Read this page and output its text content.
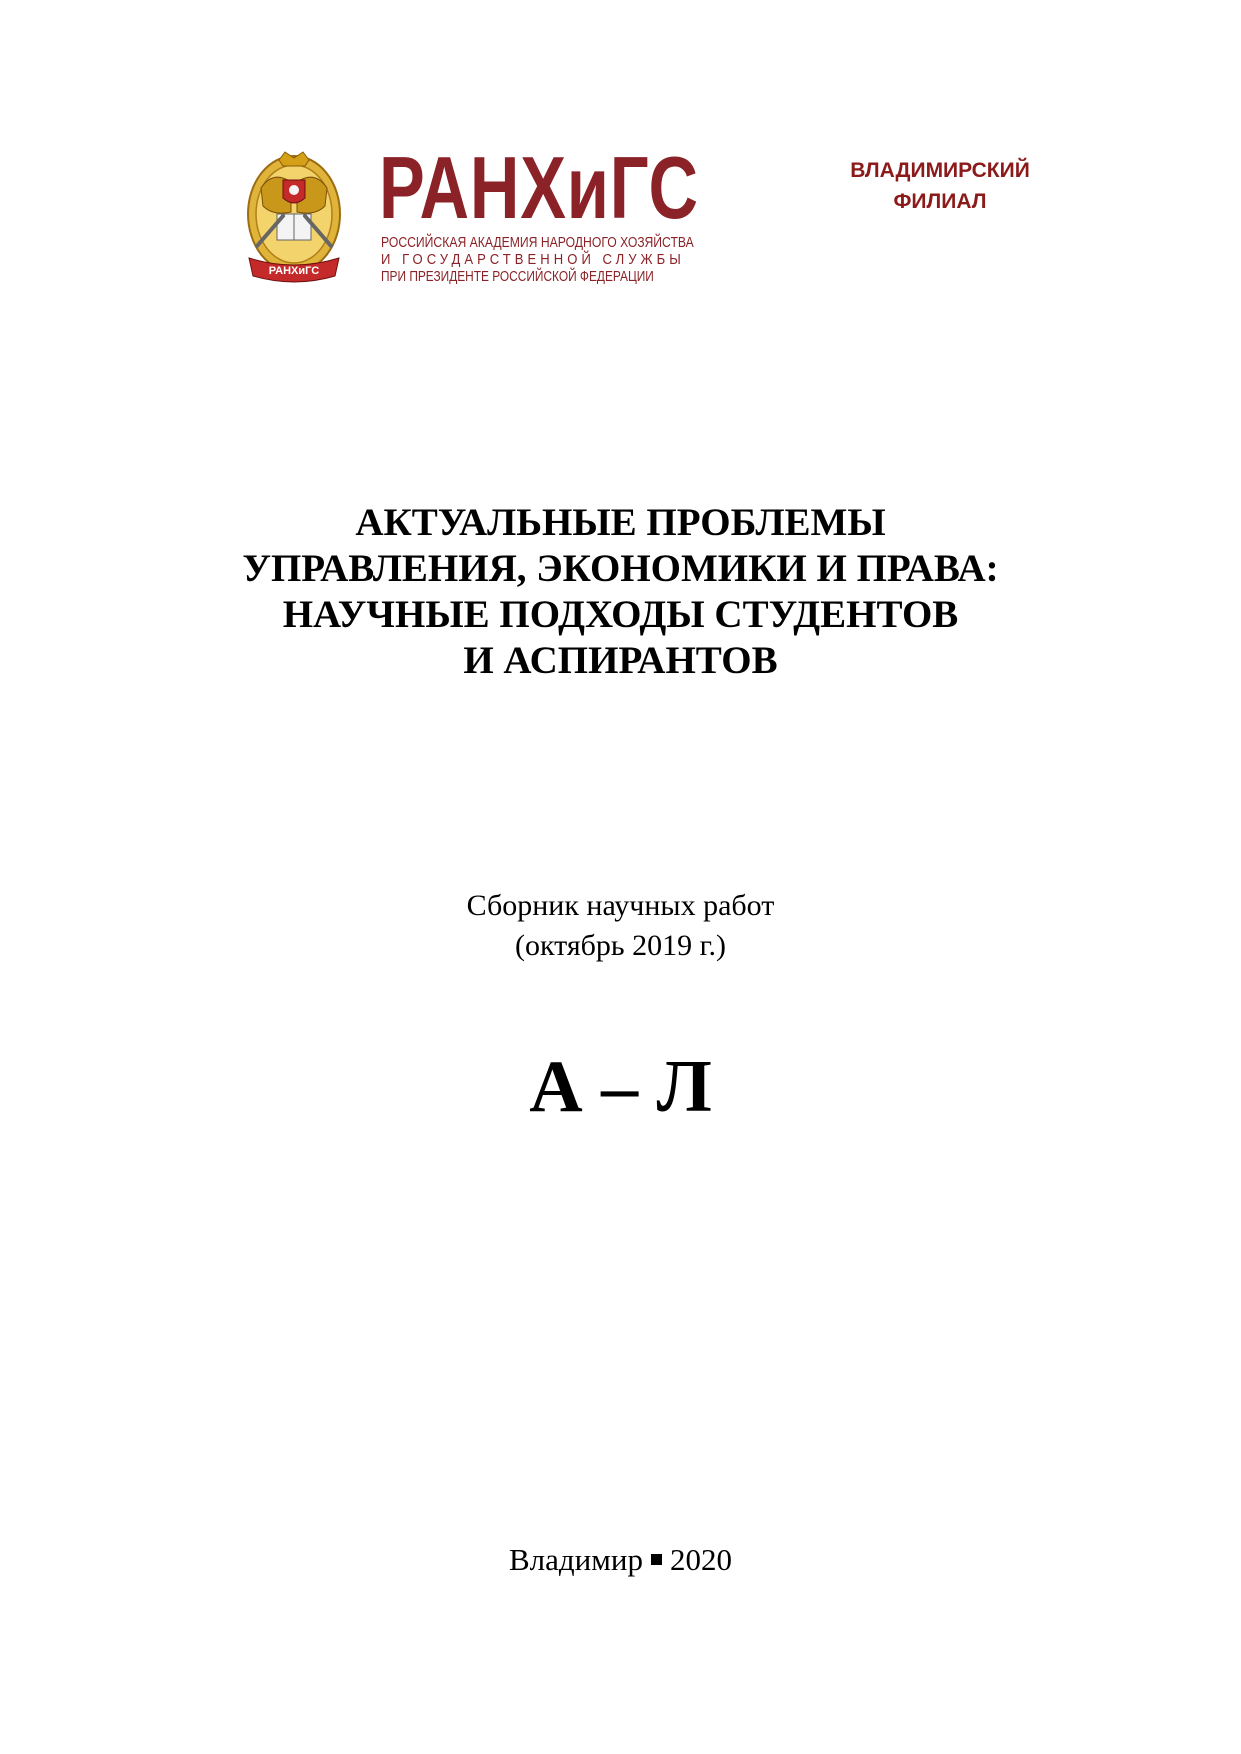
РАНХиГС
РАНХиГС
РОССИЙСКАЯ АКАДЕМИЯ НАРОДНОГО ХОЗЯЙСТВА
И ГОСУДАРСТВЕННОЙ СЛУЖБЫ
ПРИ ПРЕЗИДЕНТЕ РОССИЙСКОЙ ФЕДЕРАЦИИ
ВЛАДИМИРСКИЙ
ФИЛИАЛ
АКТУАЛЬНЫЕ ПРОБЛЕМЫ
УПРАВЛЕНИЯ, ЭКОНОМИКИ И ПРАВА:
НАУЧНЫЕ ПОДХОДЫ СТУДЕНТОВ
И АСПИРАНТОВ
Сборник научных работ
(октябрь 2019 г.)
А – Л
Владимир 2020
